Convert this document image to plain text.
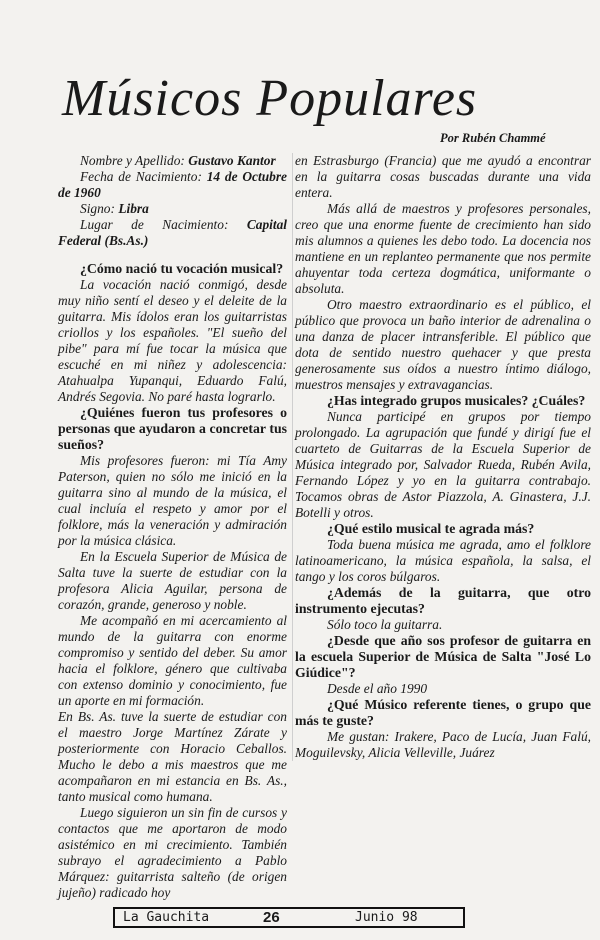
Músicos Populares
Por Rubén Chammé

Nombre y Apellido: Gustavo Kantor

Fecha de Nacimiento: 14 de Octubre de 1960

Signo: Libra

Lugar de Nacimiento: Capital Federal (Bs.As.)

¿Cómo nació tu vocación musical?

La vocación nació conmigó, desde muy niño sentí el deseo y el deleite de la guitarra. Mis ídolos eran los guitarristas criollos y los españoles. "El sueño del pibe" para mí fue tocar la música que escuché en mi niñez y adolescencia: Atahualpa Yupanqui, Eduardo Falú, Andrés Segovia. No paré hasta lograrlo.

¿Quiénes fueron tus profesores o personas que ayudaron a concretar tus sueños?

Mis profesores fueron: mi Tía Amy Paterson, quien no sólo me inició en la guitarra sino al mundo de la música, el cual incluía el respeto y amor por el folklore, más la veneración y admiración por la música clásica.

En la Escuela Superior de Música de Salta tuve la suerte de estudiar con la profesora Alicia Aguilar, persona de corazón, grande, generoso y noble.

Me acompañó en mi acercamiento al mundo de la guitarra con enorme compromiso y sentido del deber. Su amor hacia el folklore, género que cultivaba con extenso dominio y conocimiento, fue un aporte en mi formación.

En Bs. As. tuve la suerte de estudiar con el maestro Jorge Martínez Zárate y posteriormente con Horacio Ceballos. Mucho le debo a mis maestros que me acompañaron en mi estancia en Bs. As., tanto musical como humana.

Luego siguieron un sin fin de cursos y contactos que me aportaron de modo asistémico en mi crecimiento. También subrayo el agradecimiento a Pablo Márquez: guitarrista salteño (de origen jujeño) radicado hoy

en Estrasburgo (Francia) que me ayudó a encontrar en la guitarra cosas buscadas durante una vida entera.

Más allá de maestros y profesores personales, creo que una enorme fuente de crecimiento han sido mis alumnos a quienes les debo todo. La docencia nos mantiene en un replanteo permanente que nos permite ahuyentar toda certeza dogmática, uniformante o absoluta.

Otro maestro extraordinario es el público, el público que provoca un baño interior de adrenalina o una danza de placer intransferible. El público que dota de sentido nuestro quehacer y que presta generosamente sus oídos a nuestro íntimo diálogo, muestros mensajes y extravagancias.

¿Has integrado grupos musicales? ¿Cuáles?

Nunca participé en grupos por tiempo prolongado. La agrupación que fundé y dirigí fue el cuarteto de Guitarras de la Escuela Superior de Música integrado por, Salvador Rueda, Rubén Avila, Fernando López y yo en la guitarra contrabajo. Tocamos obras de Astor Piazzola, A. Ginastera, J.J. Botelli y otros.

¿Qué estilo musical te agrada más?

Toda buena música me agrada, amo el folklore latinoamericano, la música española, la salsa, el tango y los coros búlgaros.

¿Además de la guitarra, que otro instrumento ejecutas?

Sólo toco la guitarra.

¿Desde que año sos profesor de guitarra en la escuela Superior de Música de Salta "José Lo Giúdice"?

Desde el año 1990

¿Qué Músico referente tienes, o grupo que más te guste?

Me gustan: Irakere, Paco de Lucía, Juan Falú, Moguilevsky, Alicia Velleville, Juárez

La Gauchita	26	Junio 98
